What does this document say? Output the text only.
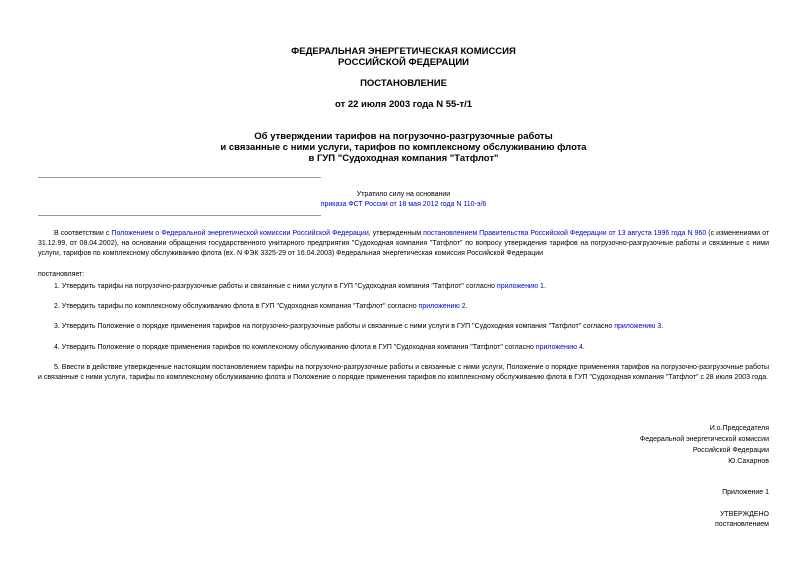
ФЕДЕРАЛЬНАЯ ЭНЕРГЕТИЧЕСКАЯ КОМИССИЯ
РОССИЙСКОЙ ФЕДЕРАЦИИ
ПОСТАНОВЛЕНИЕ
от 22 июля 2003 года N 55-т/1
Об утверждении тарифов на погрузочно-разгрузочные работы
и связанные с ними услуги, тарифов по комплексному обслуживанию флота
в ГУП "Судоходная компания "Татфлот"
Утратило силу на основании
приказа ФСТ России от 18 мая 2012 года N 110-э/6
В соответствии с Положением о Федеральной энергетической комиссии Российской Федерации, утвержденным постановлением Правительства Российской Федерации от 13 августа 1996 года N 960 (с изменениями от 31.12.99, от 08.04.2002), на основании обращения государственного унитарного предприятия "Судоходная компания "Татфлот" по вопросу утверждения тарифов на погрузочно-разгрузочные работы и связанные с ними услуги, тарифов по комплексному обслуживанию флота (вх. N ФЭК 3325-29 от 16.04.2003) Федеральная энергетическая комиссия Российской Федерации
постановляет:
1. Утвердить тарифы на погрузочно-разгрузочные работы и связанные с ними услуги в ГУП "Судоходная компания "Татфлот" согласно приложению 1.
2. Утвердить тарифы по комплексному обслуживанию флота в ГУП "Судоходная компания "Татфлот" согласно приложению 2.
3. Утвердить Положение о порядке применения тарифов на погрузочно-разгрузочные работы и связанные с ними услуги в ГУП "Судоходная компания "Татфлот" согласно приложению 3.
4. Утвердить Положение о порядке применения тарифов по комплексному обслуживанию флота в ГУП "Судоходная компания "Татфлот" согласно приложению 4.
5. Ввести в действие утвержденные настоящим постановлением тарифы на погрузочно-разгрузочные работы и связанные с ними услуги, Положение о порядке применения тарифов на погрузочно-разгрузочные работы и связанные с ними услуги, тарифы по комплексному обслуживанию флота и Положение о порядке применения тарифов по комплексному обслуживанию флота в ГУП "Судоходная компания "Татфлот" с 28 июля 2003 года.
И.о.Председателя
Федеральной энергетической комиссии
Российской Федерации
Ю.Сахарнов
Приложение 1
УТВЕРЖДЕНО
постановлением
